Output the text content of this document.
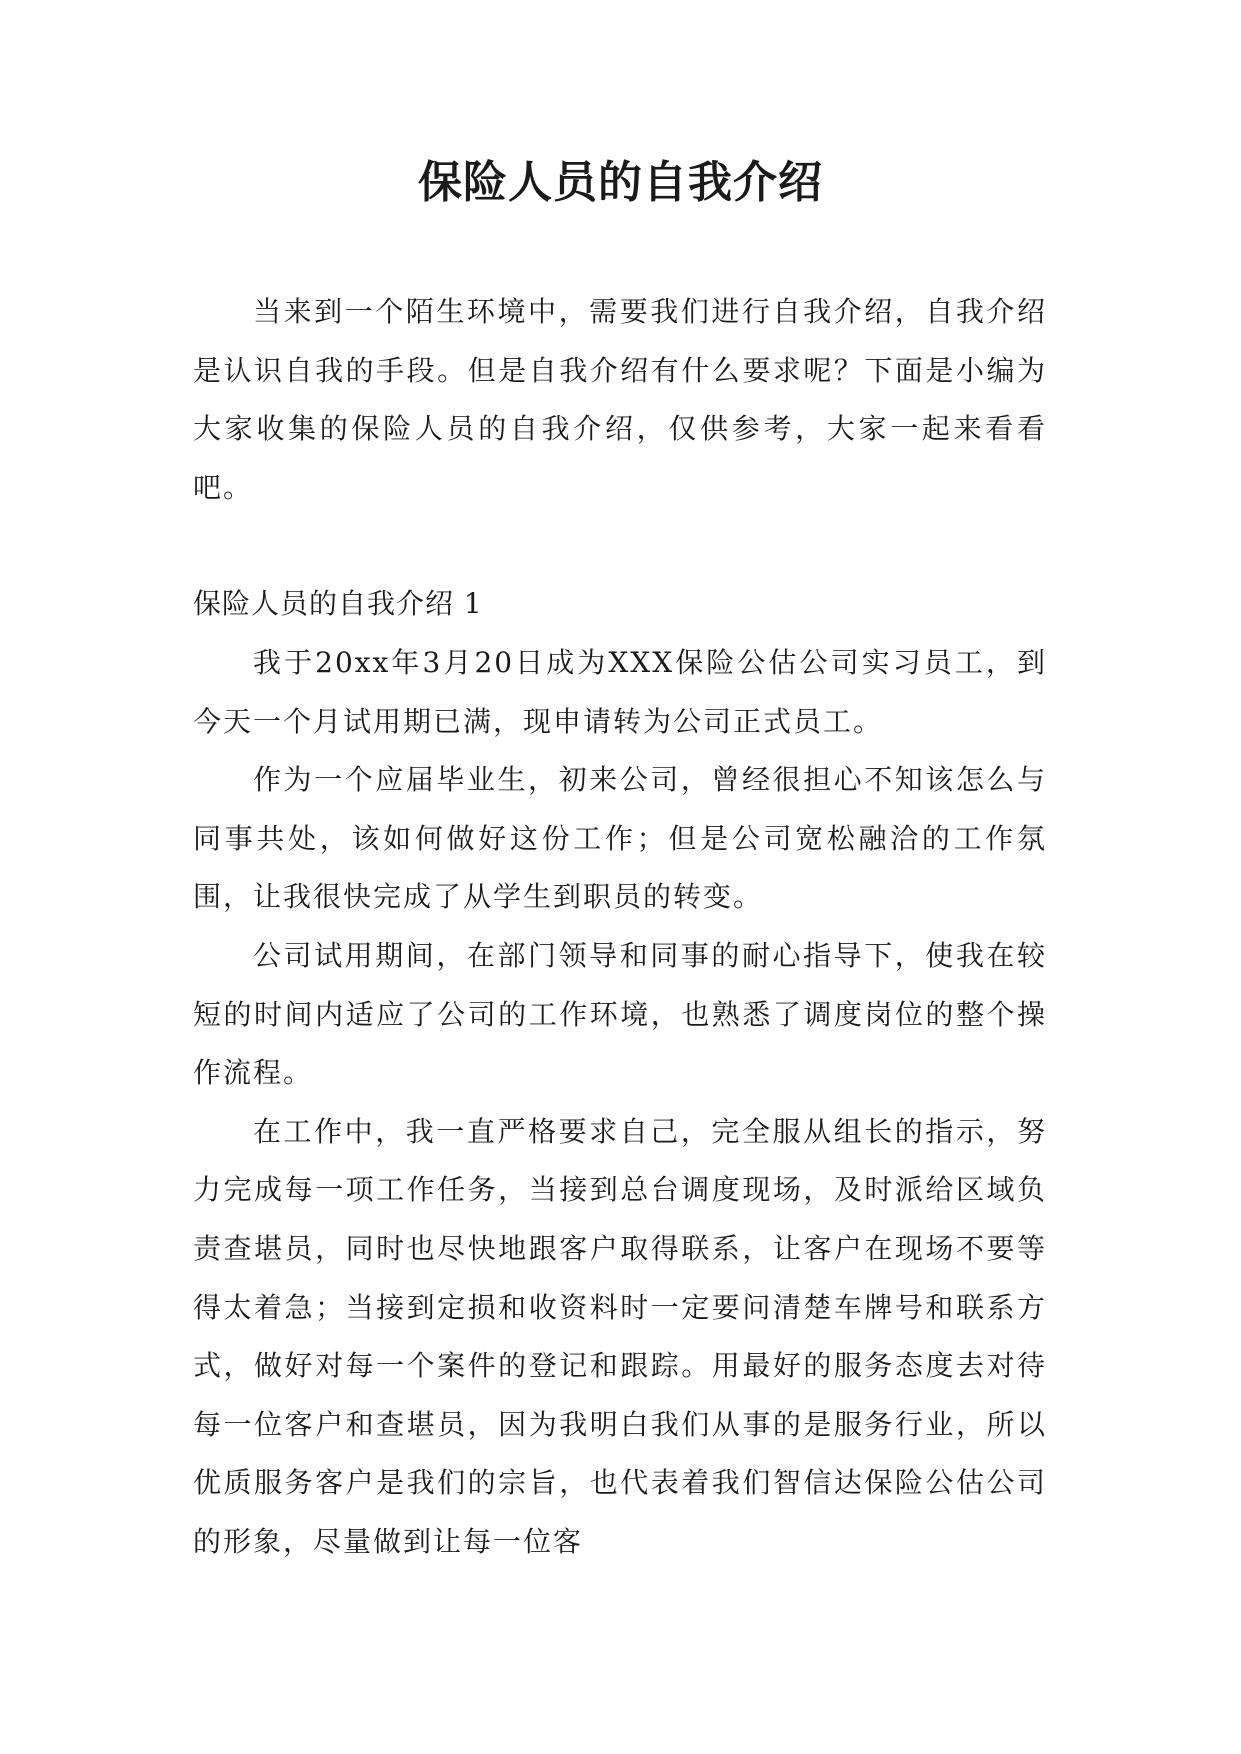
保险人员的自我介绍

当来到一个陌生环境中，需要我们进行自我介绍，自我介绍是认识自我的手段。但是自我介绍有什么要求呢？下面是小编为大家收集的保险人员的自我介绍，仅供参考，大家一起来看看吧。

保险人员的自我介绍 1

我于20xx年3月20日成为XXX保险公估公司实习员工，到今天一个月试用期已满，现申请转为公司正式员工。

作为一个应届毕业生，初来公司，曾经很担心不知该怎么与同事共处，该如何做好这份工作；但是公司宽松融洽的工作氛围，让我很快完成了从学生到职员的转变。

公司试用期间，在部门领导和同事的耐心指导下，使我在较短的时间内适应了公司的工作环境，也熟悉了调度岗位的整个操作流程。

在工作中，我一直严格要求自己，完全服从组长的指示，努力完成每一项工作任务，当接到总台调度现场，及时派给区域负责查堪员，同时也尽快地跟客户取得联系，让客户在现场不要等得太着急；当接到定损和收资料时一定要问清楚车牌号和联系方式，做好对每一个案件的登记和跟踪。用最好的服务态度去对待每一位客户和查堪员，因为我明白我们从事的是服务行业，所以优质服务客户是我们的宗旨，也代表着我们智信达保险公估公司的形象，尽量做到让每一位客
